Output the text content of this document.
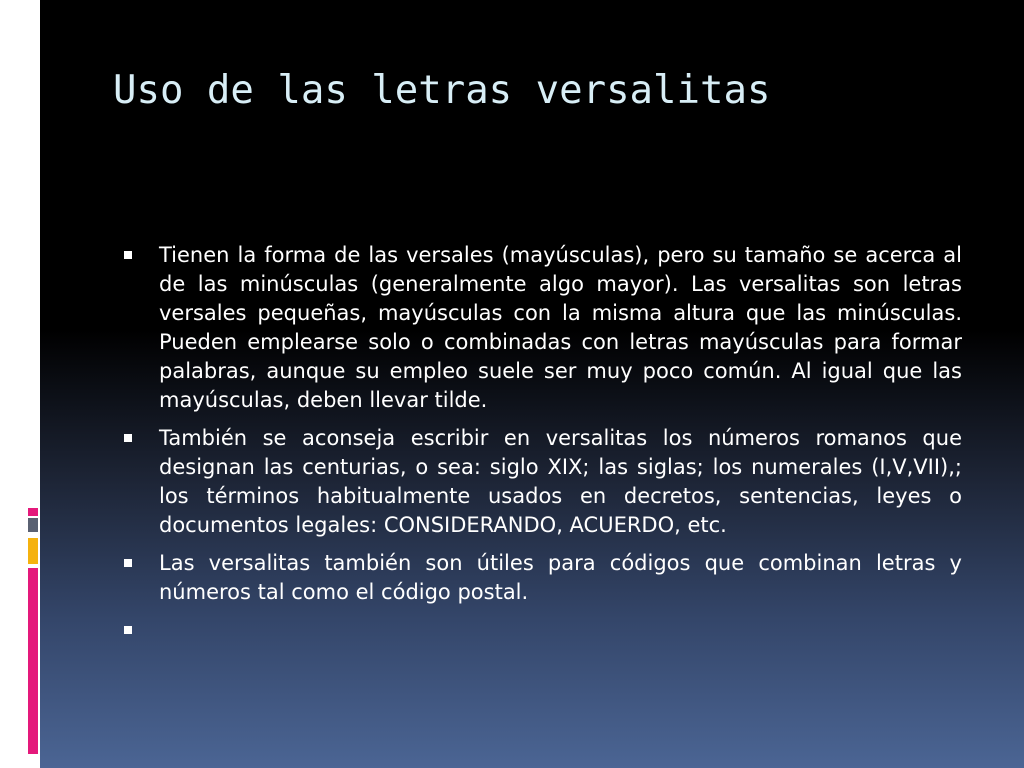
Uso de las letras versalitas
Tienen la forma de las versales (mayúsculas), pero su tamaño se acerca al de las minúsculas (generalmente algo mayor). Las versalitas son letras versales pequeñas, mayúsculas con la misma altura que las minúsculas. Pueden emplearse solo o combinadas con letras mayúsculas para formar palabras, aunque su empleo suele ser muy poco común. Al igual que las mayúsculas, deben llevar tilde.
También se aconseja escribir en versalitas los números romanos que designan las centurias, o sea: siglo XIX; las siglas; los numerales (I,V,VII),; los términos habitualmente usados en decretos, sentencias, leyes o documentos legales: CONSIDERANDO, ACUERDO, etc.
Las versalitas también son útiles para códigos que combinan letras y números tal como el código postal.
